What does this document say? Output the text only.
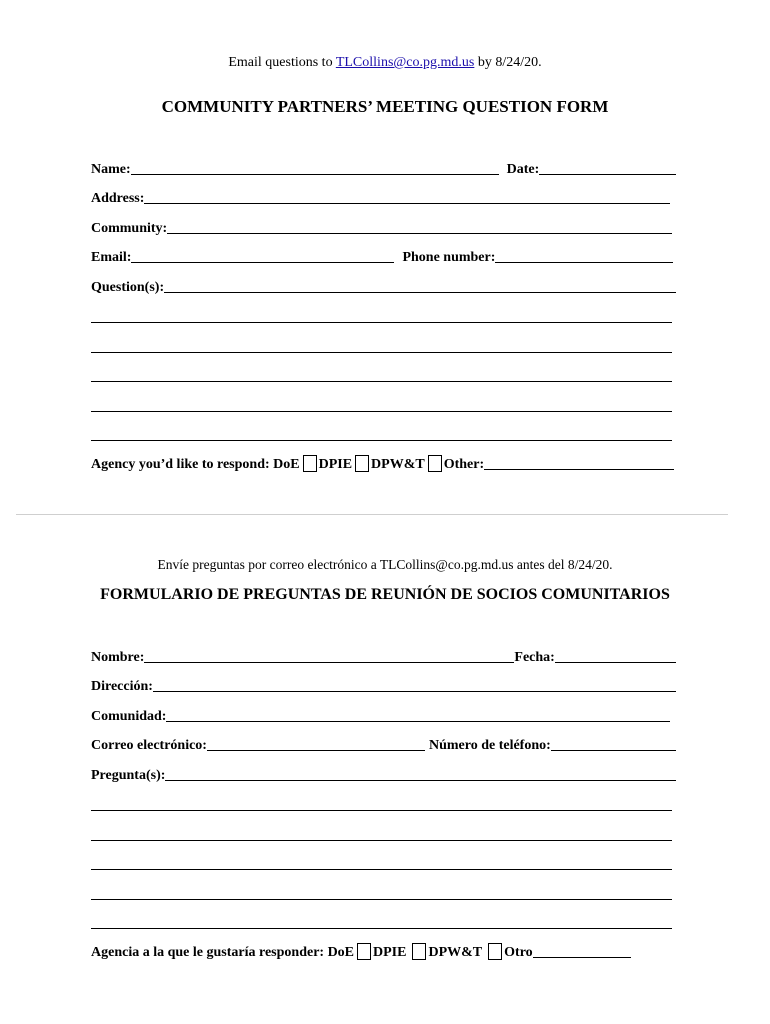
Email questions to TLCollins@co.pg.md.us by 8/24/20.
COMMUNITY PARTNERS’ MEETING QUESTION FORM
Name:	Date:
Address:
Community:
Email:	Phone number:
Question(s):
Agency you’d like to respond: DoE DPIE DPW&T Other:
Envíe preguntas por correo electrónico a TLCollins@co.pg.md.us antes del 8/24/20.
FORMULARIO DE PREGUNTAS DE REUNIÓN DE SOCIOS COMUNITARIOS
Nombre:	Fecha:
Dirección:
Comunidad:
Correo electrónico:	Número de teléfono:
Pregunta(s):
Agencia a la que le gustaría responder: DoE DPIE DPW&T Otro
